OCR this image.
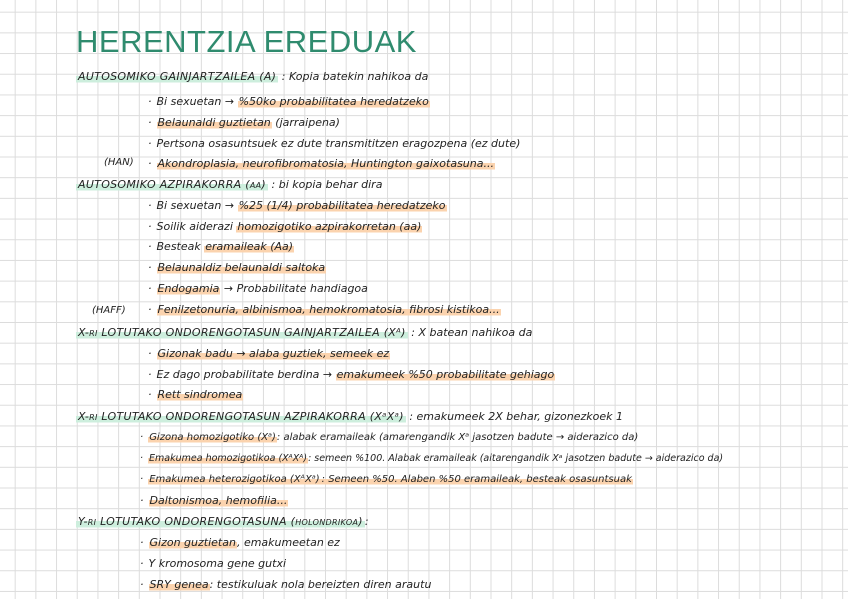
HERENTZIA EREDUAK
AUTOSOMIKO GAINJARTZAILEA (A) : Kopia batekin nahikoa da
· Bi sexuetan → %50ko probabilitatea heredatzeko
· Belaunaldi guztietan (jarraipena)
· Pertsona osasuntsuek ez dute transmititzen eragozpena (ez dute)
(HAN) · Akondroplasia, neurofibromatosia, Huntington gaixotasuna...
AUTOSOMIKO AZPIRAKORRA (aa) : bi kopia behar dira
· Bi sexuetan → %25 (1/4) probabilitatea heredatzeko
· Soilik aiderazi homozigotiko azpirakorretan (aa)
· Besteak eramaileak (Aa)
· Belaunaldiz belaunaldi saltoka
· Endogamia → Probabilitate handiagoa
(HAFF) · Fenilzetonuria, albinismoa, hemokromatosia, fibrosi kistikoa...
X-ri LOTUTAKO ONDORENGOTASUN GAINJARTZAILEA (Xᴬ) : X batean nahikoa da
· Gizonak badu → alaba guztiek, semeek ez
· Ez dago probabilitate berdina → emakumeek %50 probabilitate gehiago
· Rett sindromea
X-ri LOTUTAKO ONDORENGOTASUN AZPIRAKORRA (XᵃXᵃ) : emakumeek 2X behar, gizonezkoek 1
· Gizona homozigotiko (Xᵃ): alabak eramaileak (amarengandik Xᵃ jasotzen badute → aiderazico da)
· Emakumea homozigotikoa (XᴬXᴬ): semeen %100. Alabak eramaileak (aitarengandik Xᵃ jasotzen badute → aiderazico da)
· Emakumea heterozigotikoa (XᴬXᵃ) : Semeen %50. Alaben %50 eramaileak, besteak osasuntsuak
· Daltonismoa, hemofilia...
Y-ri LOTUTAKO ONDORENGOTASUNA (holondrikoa) :
· Gizon guztietan, emakumeetan ez
· Y kromosoma gene gutxi
· SRY genea: testikuluak nola bereizten diren arautu
